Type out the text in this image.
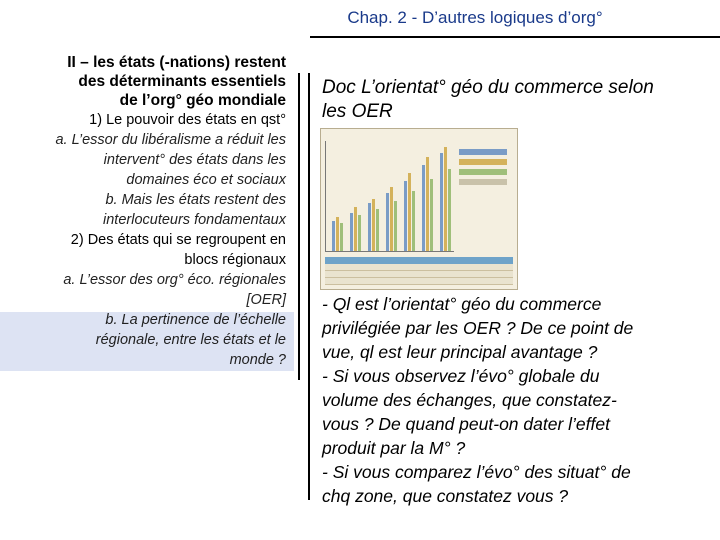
Chap. 2 - D’autres logiques d’org°
II – les états (-nations) restent
des déterminants essentiels
de l’org° géo mondiale
1) Le pouvoir des états en qst°
a. L’essor du libéralisme a réduit les
intervent° des états dans les
domaines éco et sociaux
b. Mais les états restent des
interlocuteurs fondamentaux
2) Des états qui se regroupent en
blocs régionaux
a. L’essor des org° éco. régionales
[OER]
b. La pertinence de l’échelle
régionale, entre les états et le
monde ?
Doc L’orientat° géo du commerce selon
les OER

- Ql est l’orientat° géo du commerce

privilégiée par les OER ? De ce point de

vue, ql est leur principal avantage ?

- Si vous observez l’évo° globale du

volume des échanges, que constatez-

vous ? De quand peut-on dater l’effet

produit par la M° ?

- Si vous comparez l’évo° des situat° de

chq zone, que constatez vous ?
